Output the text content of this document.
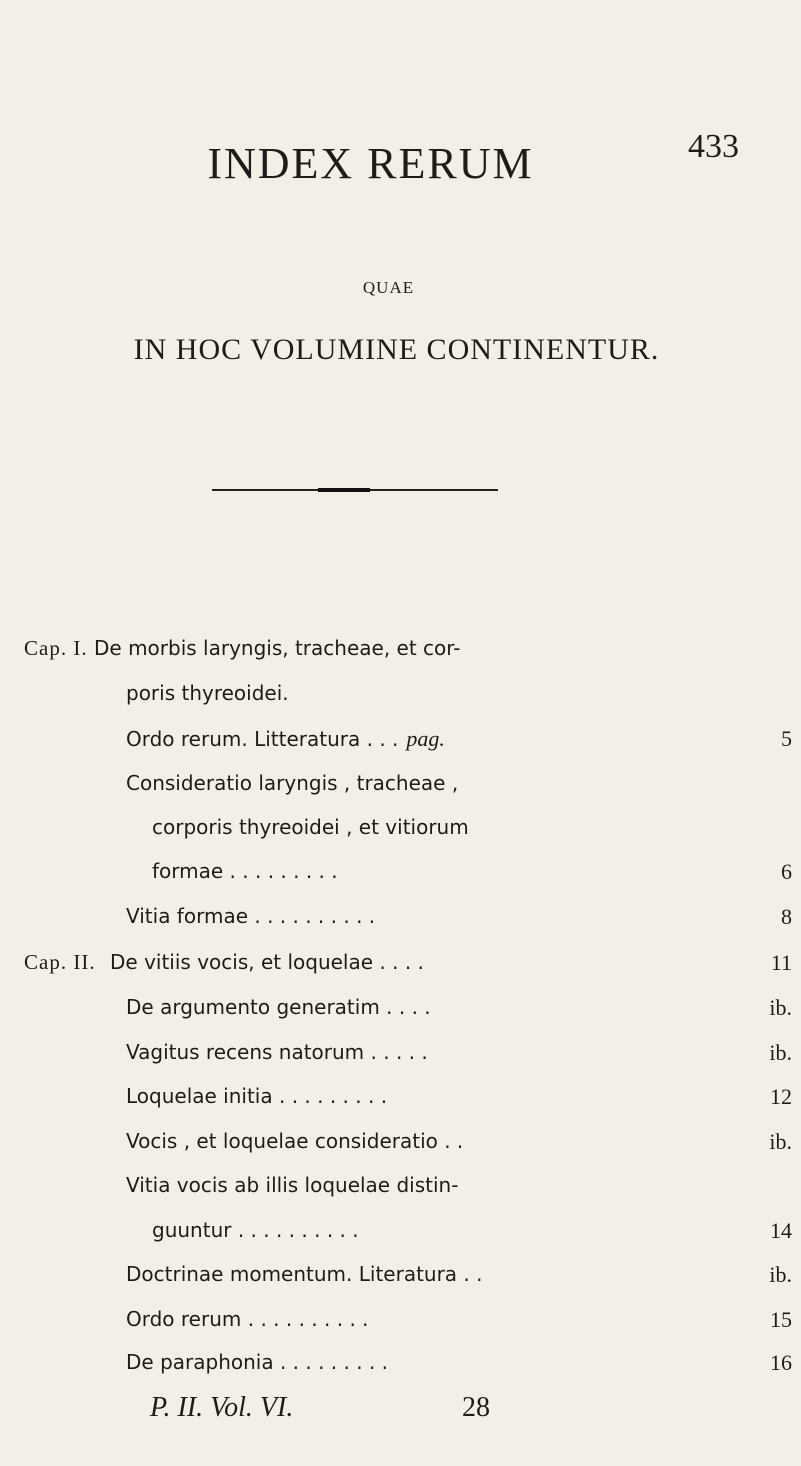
433
INDEX RERUM
QUAE
IN HOC VOLUMINE CONTINENTUR.
Cap. I. De morbis laryngis, tracheae, et cor-
poris thyreoidei.
Ordo rerum. Litteratura . . . pag.	5
Consideratio laryngis , tracheae ,
corporis thyreoidei , et vitiorum
formae . . . . . . . . .	6
Vitia formae . . . . . . . . . .	8
Cap. II. De vitiis vocis, et loquelae . . . .	11
De argumento generatim . . . .	ib.
Vagitus recens natorum . . . . .	ib.
Loquelae initia . . . . . . . . .	12
Vocis , et loquelae consideratio . .	ib.
Vitia vocis ab illis loquelae distin-
guuntur . . . . . . . . . .	14
Doctrinae momentum. Literatura . .	ib.
Ordo rerum . . . . . . . . . .	15
De paraphonia . . . . . . . . .	16
P. II. Vol. VI.	28
